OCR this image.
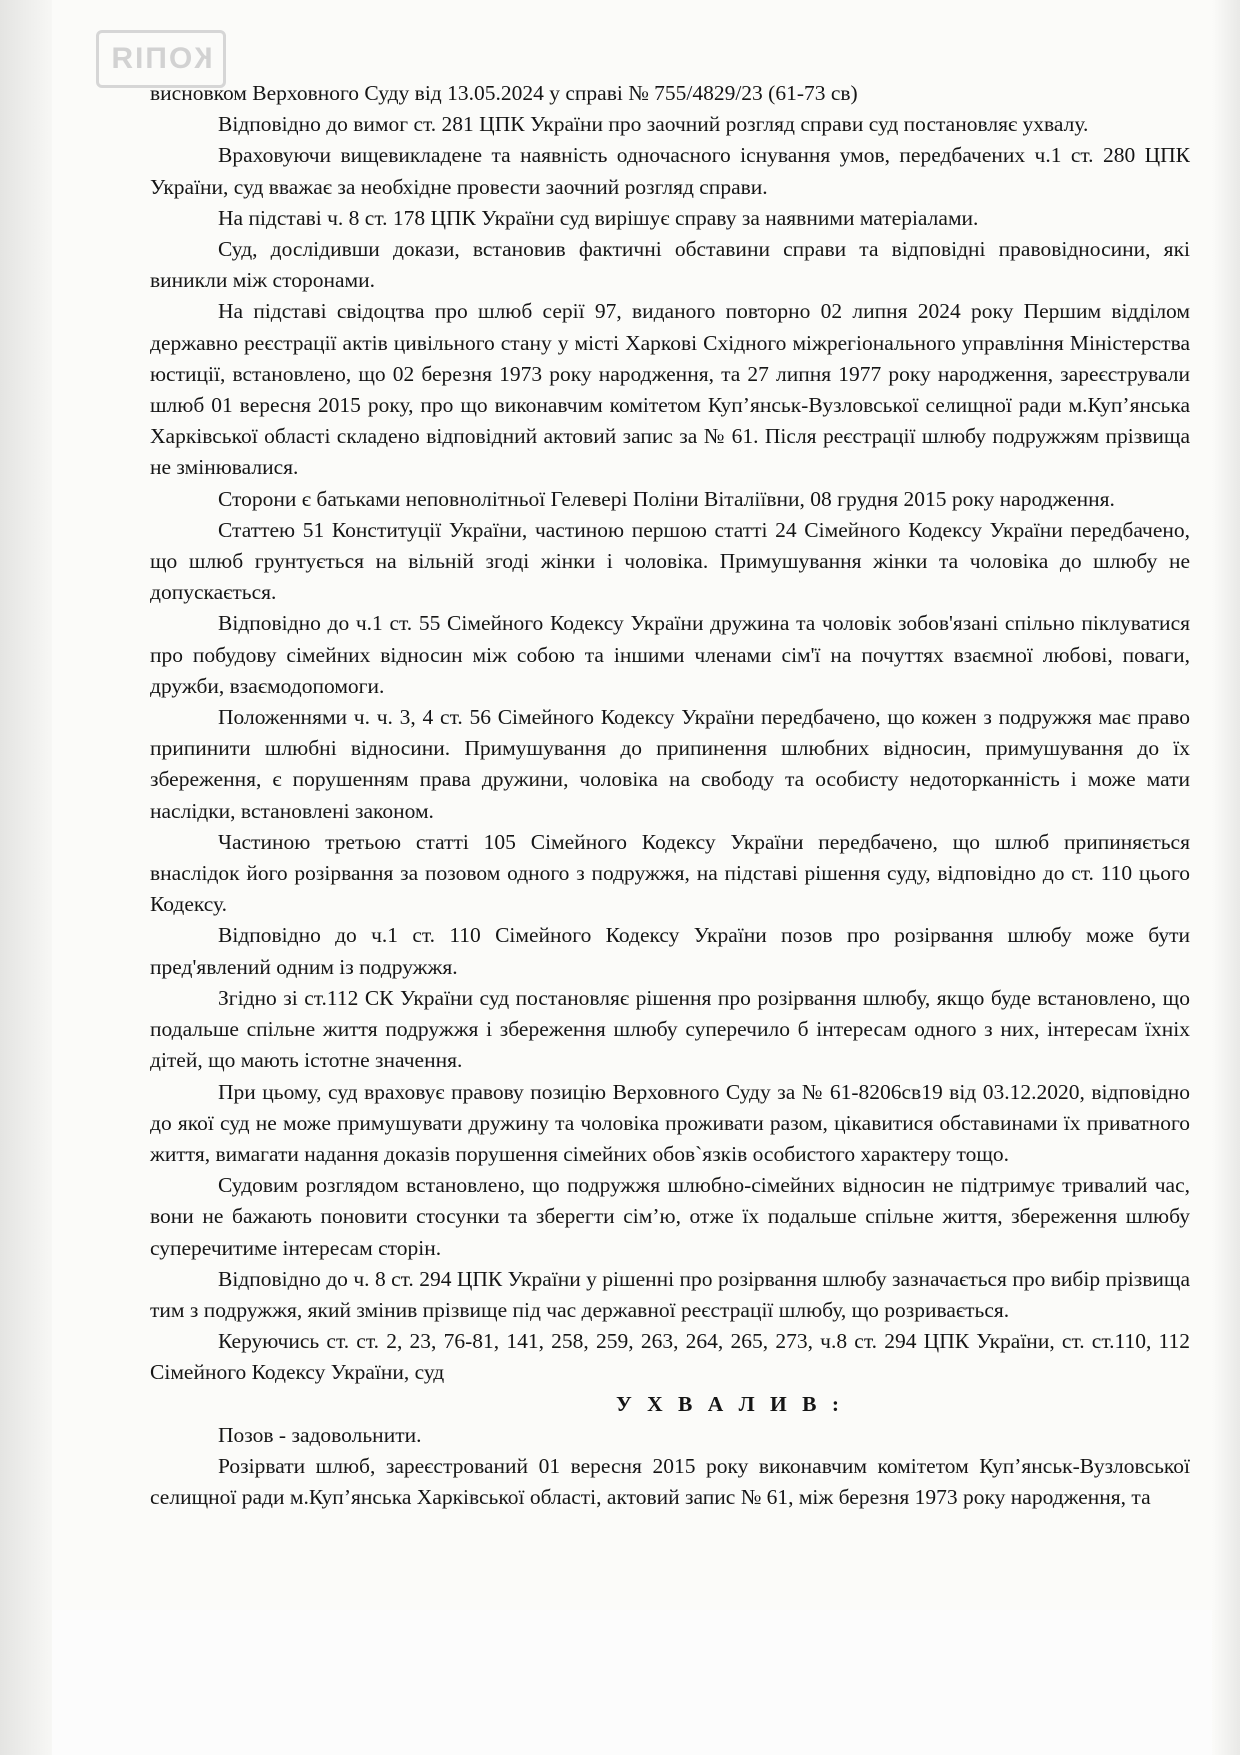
КОПІЯ

висновком Верховного Суду від 13.05.2024 у справі № 755/4829/23 (61-73 св)

Відповідно до вимог ст. 281 ЦПК України про заочний розгляд справи суд постановляє ухвалу.

Враховуючи вищевикладене та наявність одночасного існування умов, передбачених ч.1 ст. 280 ЦПК України, суд вважає за необхідне провести заочний розгляд справи.

На підставі ч. 8 ст. 178 ЦПК України суд вирішує справу за наявними матеріалами.

Суд, дослідивши докази, встановив фактичні обставини справи та відповідні правовідносини, які виникли між сторонами.

На підставі свідоцтва про шлюб серії 97, виданого повторно 02 липня 2024 року Першим відділом державно реєстрації актів цивільного стану у місті Харкові Східного міжрегіонального управління Міністерства юстиції, встановлено, що 02 березня 1973 року народження, та 27 липня 1977 року народження, зареєстрували шлюб 01 вересня 2015 року, про що виконавчим комітетом Куп’янськ-Вузловської селищної ради м.Куп’янська Харківської області складено відповідний актовий запис за № 61. Після реєстрації шлюбу подружжям прізвища не змінювалися.

Сторони є батьками неповнолітньої Гелевері Поліни Віталіївни, 08 грудня 2015 року народження.

Статтею 51 Конституції України, частиною першою статті 24 Сімейного Кодексу України передбачено, що шлюб грунтується на вільній згоді жінки і чоловіка. Примушування жінки та чоловіка до шлюбу не допускається.

Відповідно до ч.1 ст. 55 Сімейного Кодексу України дружина та чоловік зобов'язані спільно піклуватися про побудову сімейних відносин між собою та іншими членами сім'ї на почуттях взаємної любові, поваги, дружби, взаємодопомоги.

Положеннями ч. ч. 3, 4 ст. 56 Сімейного Кодексу України передбачено, що кожен з подружжя має право припинити шлюбні відносини. Примушування до припинення шлюбних відносин, примушування до їх збереження, є порушенням права дружини, чоловіка на свободу та особисту недоторканність і може мати наслідки, встановлені законом.

Частиною третьою статті 105 Сімейного Кодексу України передбачено, що шлюб припиняється внаслідок його розірвання за позовом одного з подружжя, на підставі рішення суду, відповідно до ст. 110 цього Кодексу.

Відповідно до ч.1 ст. 110 Сімейного Кодексу України позов про розірвання шлюбу може бути пред'явлений одним із подружжя.

Згідно зі ст.112 СК України суд постановляє рішення про розірвання шлюбу, якщо буде встановлено, що подальше спільне життя подружжя і збереження шлюбу суперечило б інтересам одного з них, інтересам їхніх дітей, що мають істотне значення.

При цьому, суд враховує правову позицію Верховного Суду за № 61-8206св19 від 03.12.2020, відповідно до якої суд не може примушувати дружину та чоловіка проживати разом, цікавитися обставинами їх приватного життя, вимагати надання доказів порушення сімейних обов`язків особистого характеру тощо.

Судовим розглядом встановлено, що подружжя шлюбно-сімейних відносин не підтримує тривалий час, вони не бажають поновити стосунки та зберегти сім’ю, отже їх подальше спільне життя, збереження шлюбу суперечитиме інтересам сторін.

Відповідно до ч. 8 ст. 294 ЦПК України у рішенні про розірвання шлюбу зазначається про вибір прізвища тим з подружжя, який змінив прізвище під час державної реєстрації шлюбу, що розривається.

Керуючись ст. ст. 2, 23, 76-81, 141, 258, 259, 263, 264, 265, 273, ч.8 ст. 294 ЦПК України, ст. ст.110, 112 Сімейного Кодексу України, суд

У Х В А Л И В :

Позов - задовольнити.

Розірвати шлюб, зареєстрований 01 вересня 2015 року виконавчим комітетом Куп’янськ-Вузловської селищної ради м.Куп’янська Харківської області, актовий запис № 61, між березня 1973 року народження, та
